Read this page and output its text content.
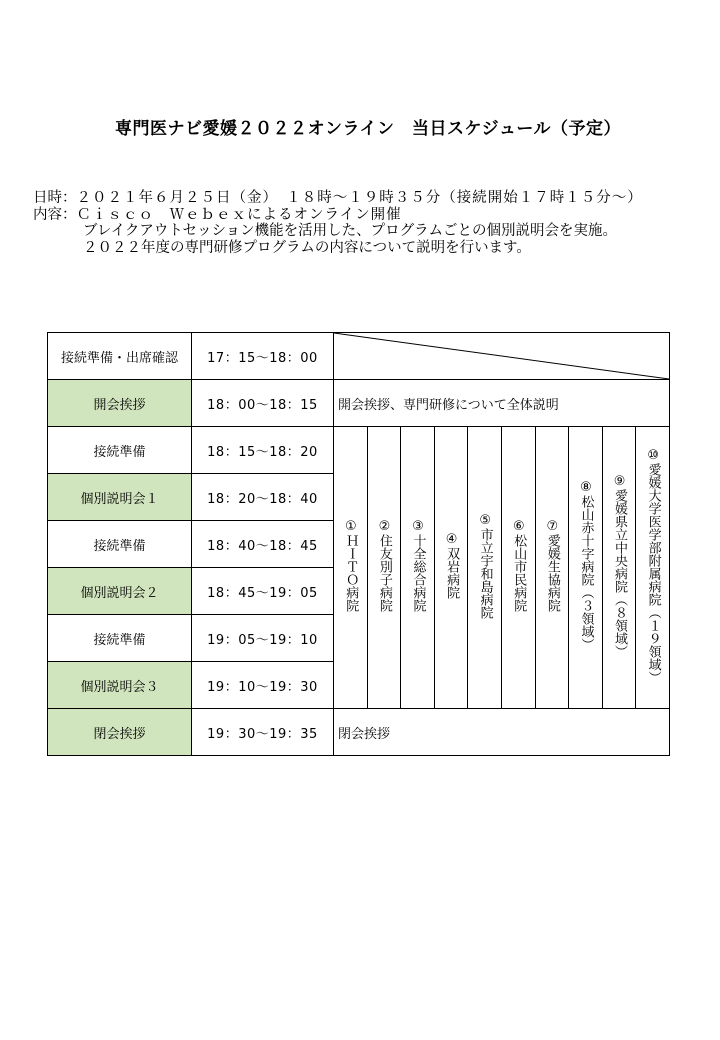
専門医ナビ愛媛２０２２オンライン　当日スケジュール（予定）
日時： ２０２１年６月２５日（金）　１８時～１９時３５分（接続開始１７時１５分～）
内容： Ｃｉｓｃｏ　Ｗｅｂｅｘによるオンライン開催
ブレイクアウトセッション機能を活用した、プログラムごとの個別説明会を実施。
２０２２年度の専門研修プログラムの内容について説明を行います。
接続準備・出席確認	17：15～18：00	

開会挨拶	18：00～18：15	開会挨拶、専門研修について全体説明									
接続準備	18：15～18：20	①ＨＩＴＯ病院	②住友別子病院	③十全総合病院	④双岩病院	⑤市立宇和島病院	⑥松山市民病院	⑦愛媛生協病院	⑧松山赤十字病院（３領域）	⑨愛媛県立中央病院（８領域）	⑩愛媛大学医学部附属病院（１９領域）
個別説明会１	18：20～18：40										
接続準備	18：40～18：45										
個別説明会２	18：45～19：05										
接続準備	19：05～19：10										
個別説明会３	19：10～19：30										
閉会挨拶	19：30～19：35	閉会挨拶									
